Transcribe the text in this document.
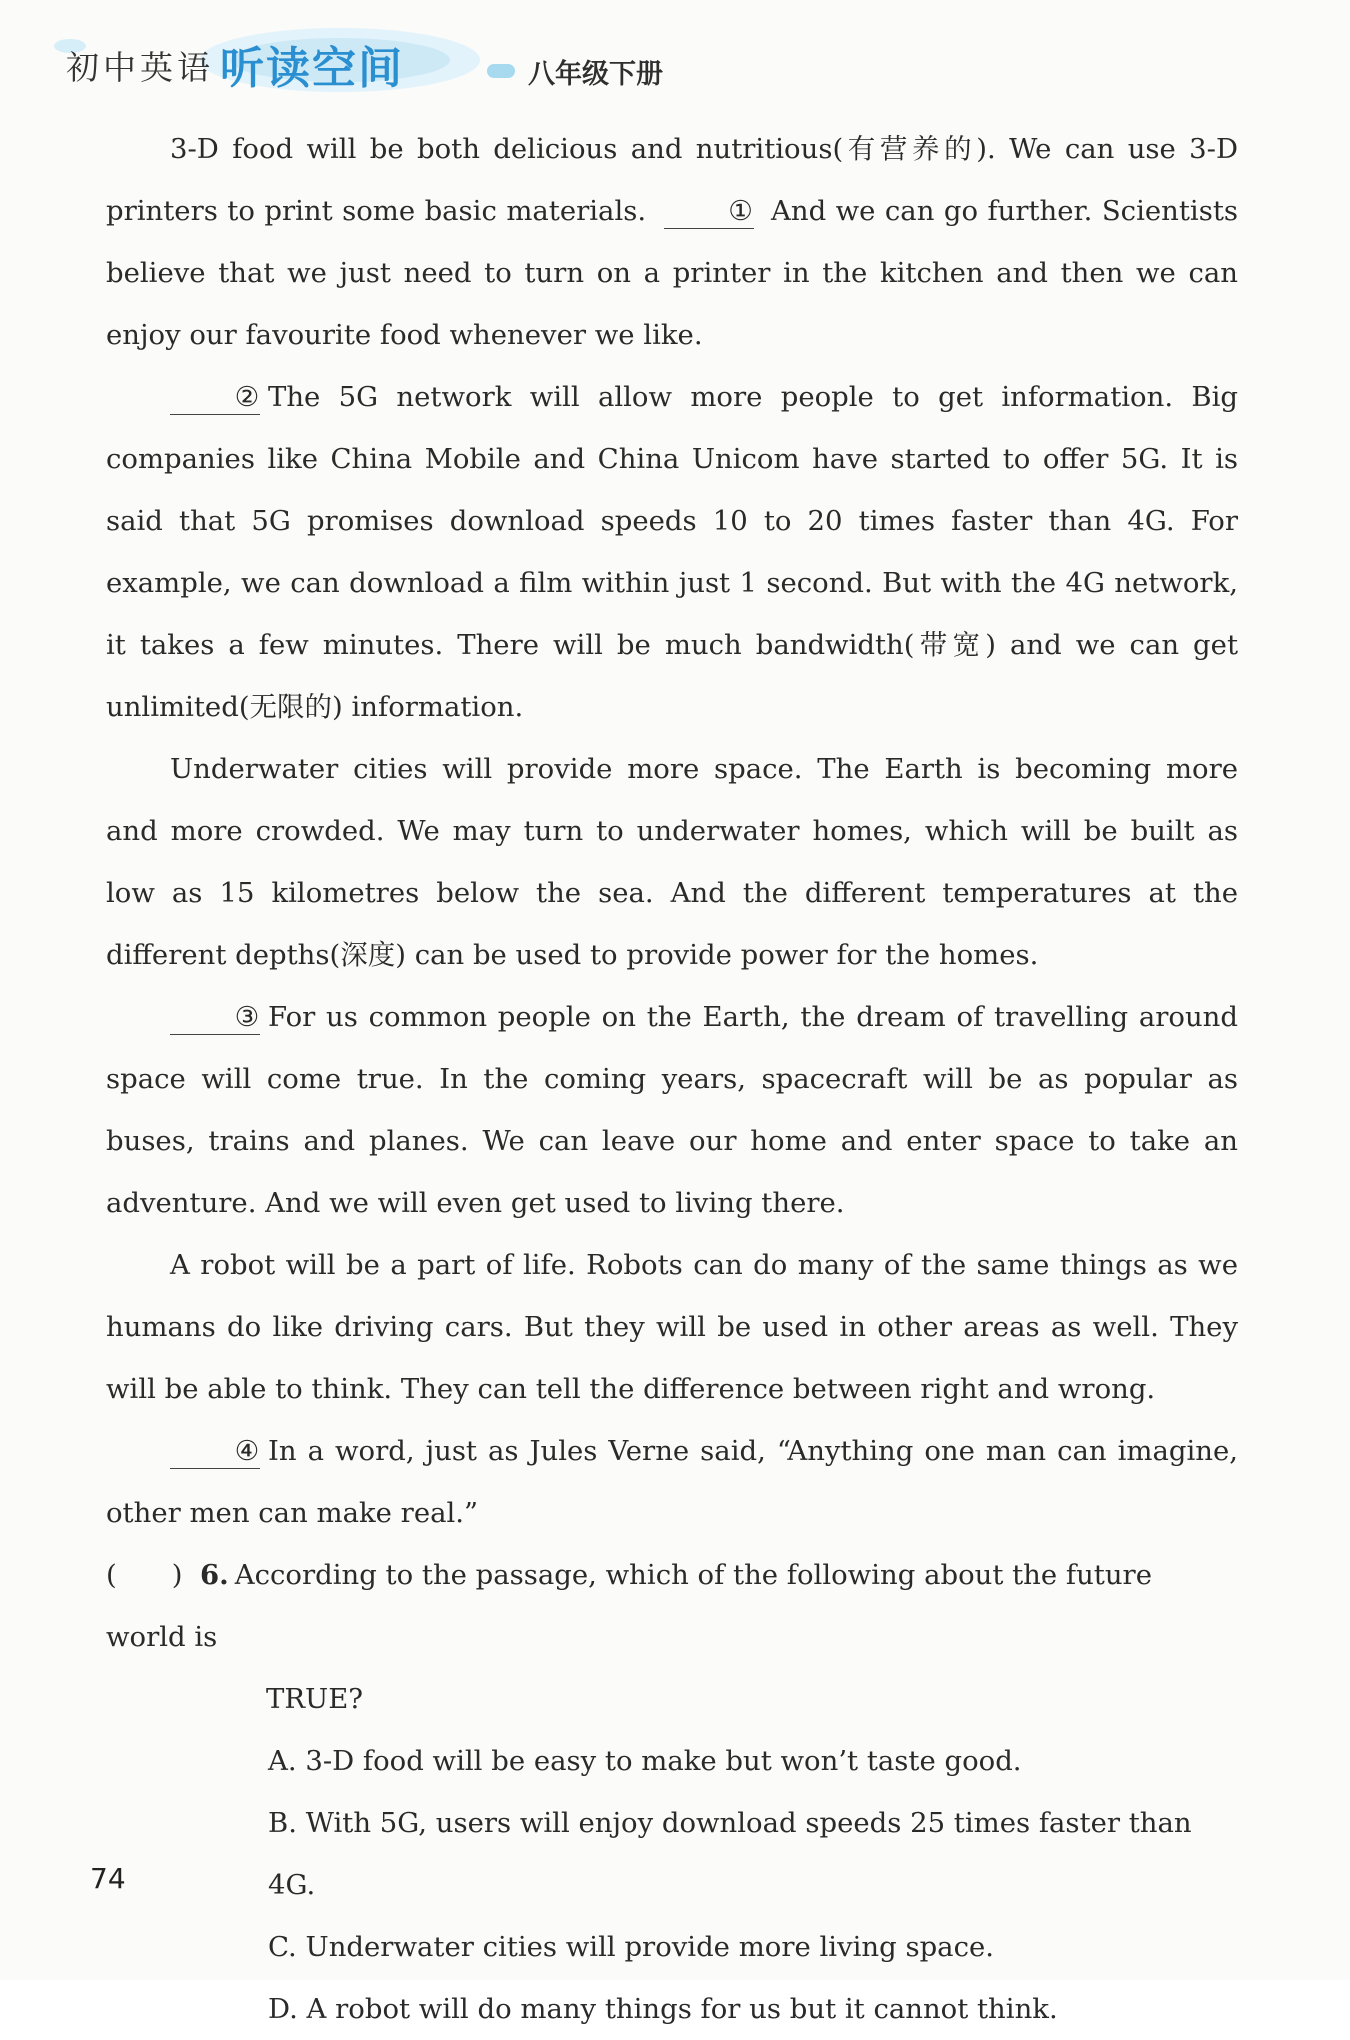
初中英语 听读空间	八年级下册

3-D food will be both delicious and nutritious(有营养的). We can use 3-D printers to print some basic materials.	① And we can go further. Scientists believe that we just need to turn on a printer in the kitchen and then we can enjoy our favourite food whenever we like.

② The 5G network will allow more people to get information. Big companies like China Mobile and China Unicom have started to offer 5G. It is said that 5G promises download speeds 10 to 20 times faster than 4G. For example, we can download a film within just 1 second. But with the 4G network, it takes a few minutes. There will be much bandwidth(带宽) and we can get unlimited(无限的) information.

Underwater cities will provide more space. The Earth is becoming more and more crowded. We may turn to underwater homes, which will be built as low as 15 kilometres below the sea. And the different temperatures at the different depths(深度) can be used to provide power for the homes.

③ For us common people on the Earth, the dream of travelling around space will come true. In the coming years, spacecraft will be as popular as buses, trains and planes. We can leave our home and enter space to take an adventure. And we will even get used to living there.

A robot will be a part of life. Robots can do many of the same things as we humans do like driving cars. But they will be used in other areas as well. They will be able to think. They can tell the difference between right and wrong.

④ In a word, just as Jules Verne said, “Anything one man can imagine, other men can make real.”

(　　) 6. According to the passage, which of the following about the future world is

TRUE?

A. 3-D food will be easy to make but won’t taste good.

B. With 5G, users will enjoy download speeds 25 times faster than 4G.

C. Underwater cities will provide more living space.

D. A robot will do many things for us but it cannot think.

74
